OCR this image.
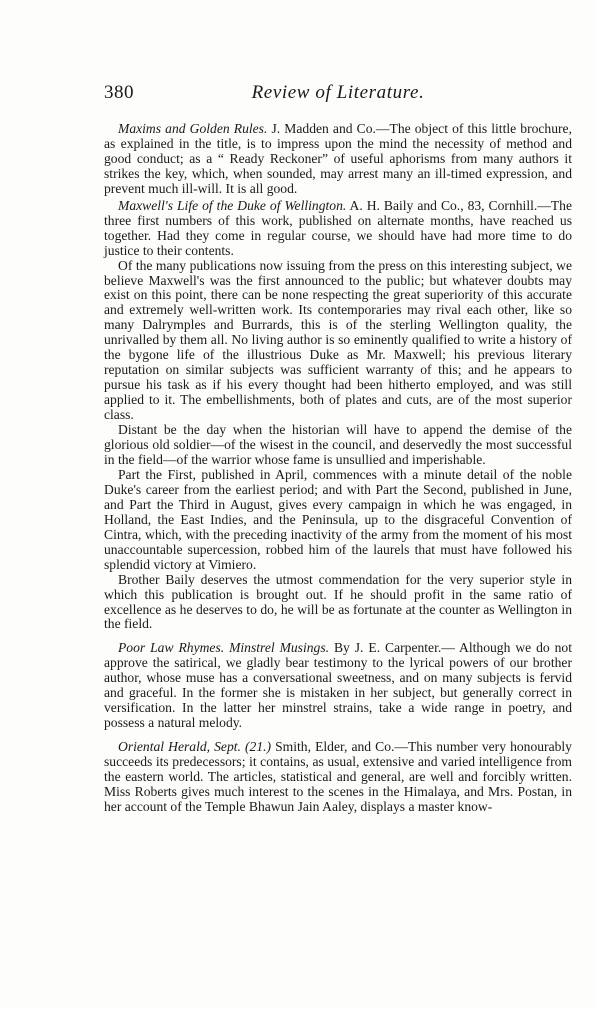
380	Review of Literature.

Maxims and Golden Rules. J. Madden and Co.—The object of this little brochure, as explained in the title, is to impress upon the mind the necessity of method and good conduct; as a “ Ready Reckoner” of useful aphorisms from many authors it strikes the key, which, when sounded, may arrest many an ill-timed expression, and prevent much ill-will. It is all good.

Maxwell's Life of the Duke of Wellington. A. H. Baily and Co., 83, Cornhill.—The three first numbers of this work, published on alternate months, have reached us together. Had they come in regular course, we should have had more time to do justice to their contents.

Of the many publications now issuing from the press on this interesting subject, we believe Maxwell's was the first announced to the public; but whatever doubts may exist on this point, there can be none respecting the great superiority of this accurate and extremely well-written work. Its contemporaries may rival each other, like so many Dalrymples and Burrards, this is of the sterling Wellington quality, the unrivalled by them all. No living author is so eminently qualified to write a history of the bygone life of the illustrious Duke as Mr. Maxwell; his previous literary reputation on similar subjects was sufficient warranty of this; and he appears to pursue his task as if his every thought had been hitherto employed, and was still applied to it. The embellishments, both of plates and cuts, are of the most superior class.

Distant be the day when the historian will have to append the demise of the glorious old soldier—of the wisest in the council, and deservedly the most successful in the field—of the warrior whose fame is unsullied and imperishable.

Part the First, published in April, commences with a minute detail of the noble Duke's career from the earliest period; and with Part the Second, published in June, and Part the Third in August, gives every campaign in which he was engaged, in Holland, the East Indies, and the Peninsula, up to the disgraceful Convention of Cintra, which, with the preceding inactivity of the army from the moment of his most unaccountable supercession, robbed him of the laurels that must have followed his splendid victory at Vimiero.

Brother Baily deserves the utmost commendation for the very superior style in which this publication is brought out. If he should profit in the same ratio of excellence as he deserves to do, he will be as fortunate at the counter as Wellington in the field.

Poor Law Rhymes. Minstrel Musings. By J. E. Carpenter.— Although we do not approve the satirical, we gladly bear testimony to the lyrical powers of our brother author, whose muse has a conversational sweetness, and on many subjects is fervid and graceful. In the former she is mistaken in her subject, but generally correct in versification. In the latter her minstrel strains, take a wide range in poetry, and possess a natural melody.

Oriental Herald, Sept. (21.) Smith, Elder, and Co.—This number very honourably succeeds its predecessors; it contains, as usual, extensive and varied intelligence from the eastern world. The articles, statistical and general, are well and forcibly written. Miss Roberts gives much interest to the scenes in the Himalaya, and Mrs. Postan, in her account of the Temple Bhawun Jain Aaley, displays a master know-
